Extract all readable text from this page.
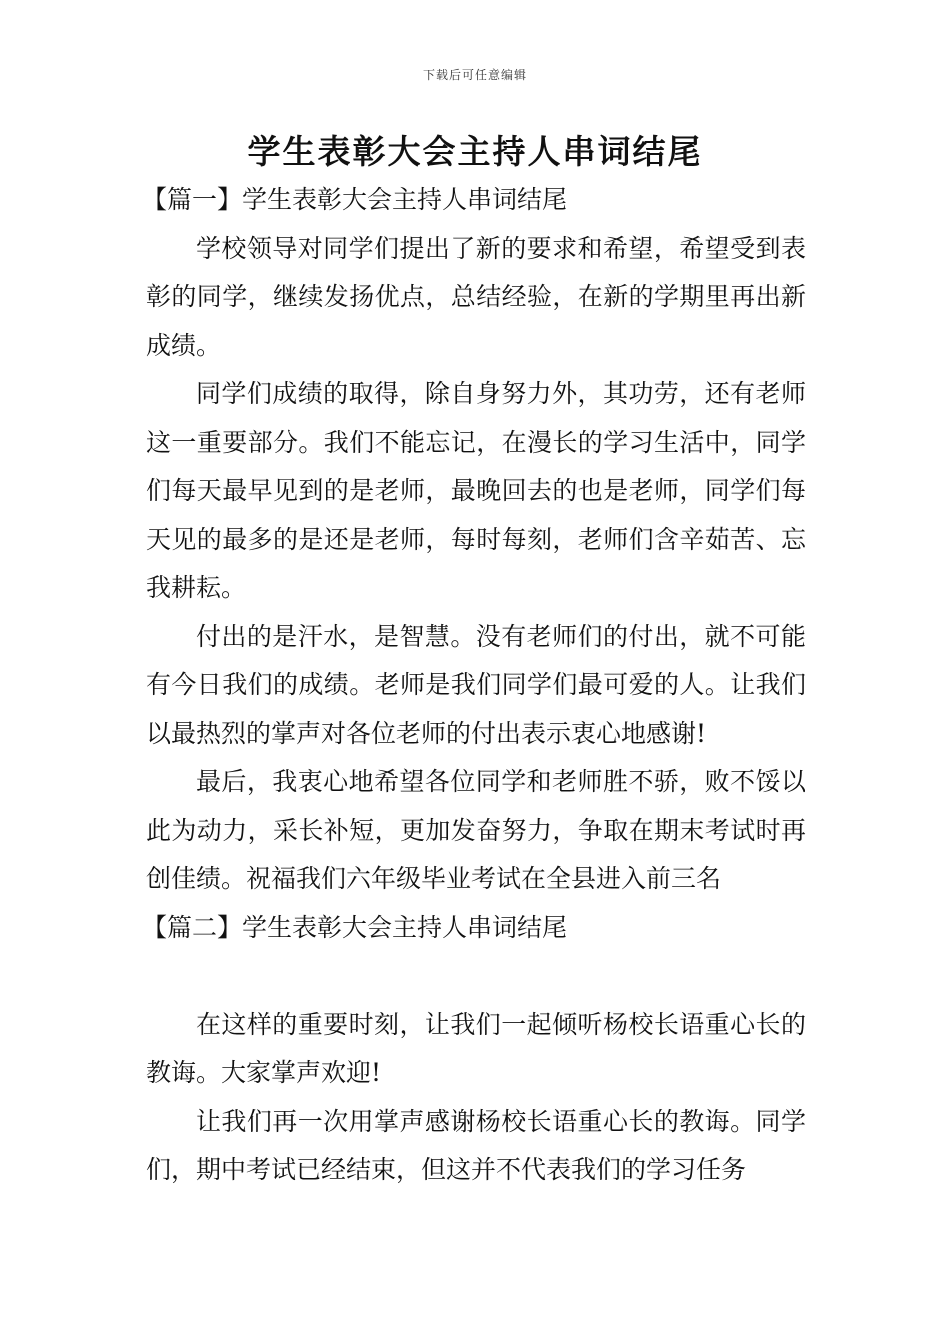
下载后可任意编辑
学生表彰大会主持人串词结尾
【篇一】学生表彰大会主持人串词结尾

学校领导对同学们提出了新的要求和希望，希望受到表彰的同学，继续发扬优点，总结经验，在新的学期里再出新成绩。

同学们成绩的取得，除自身努力外，其功劳，还有老师这一重要部分。我们不能忘记，在漫长的学习生活中，同学们每天最早见到的是老师，最晚回去的也是老师，同学们每天见的最多的是还是老师，每时每刻，老师们含辛茹苦、忘我耕耘。

付出的是汗水，是智慧。没有老师们的付出，就不可能有今日我们的成绩。老师是我们同学们最可爱的人。让我们以最热烈的掌声对各位老师的付出表示衷心地感谢!

最后，我衷心地希望各位同学和老师胜不骄，败不馁以此为动力，采长补短，更加发奋努力，争取在期末考试时再创佳绩。祝福我们六年级毕业考试在全县进入前三名

【篇二】学生表彰大会主持人串词结尾

在这样的重要时刻，让我们一起倾听杨校长语重心长的教诲。大家掌声欢迎!

让我们再一次用掌声感谢杨校长语重心长的教诲。同学们，期中考试已经结束，但这并不代表我们的学习任务
